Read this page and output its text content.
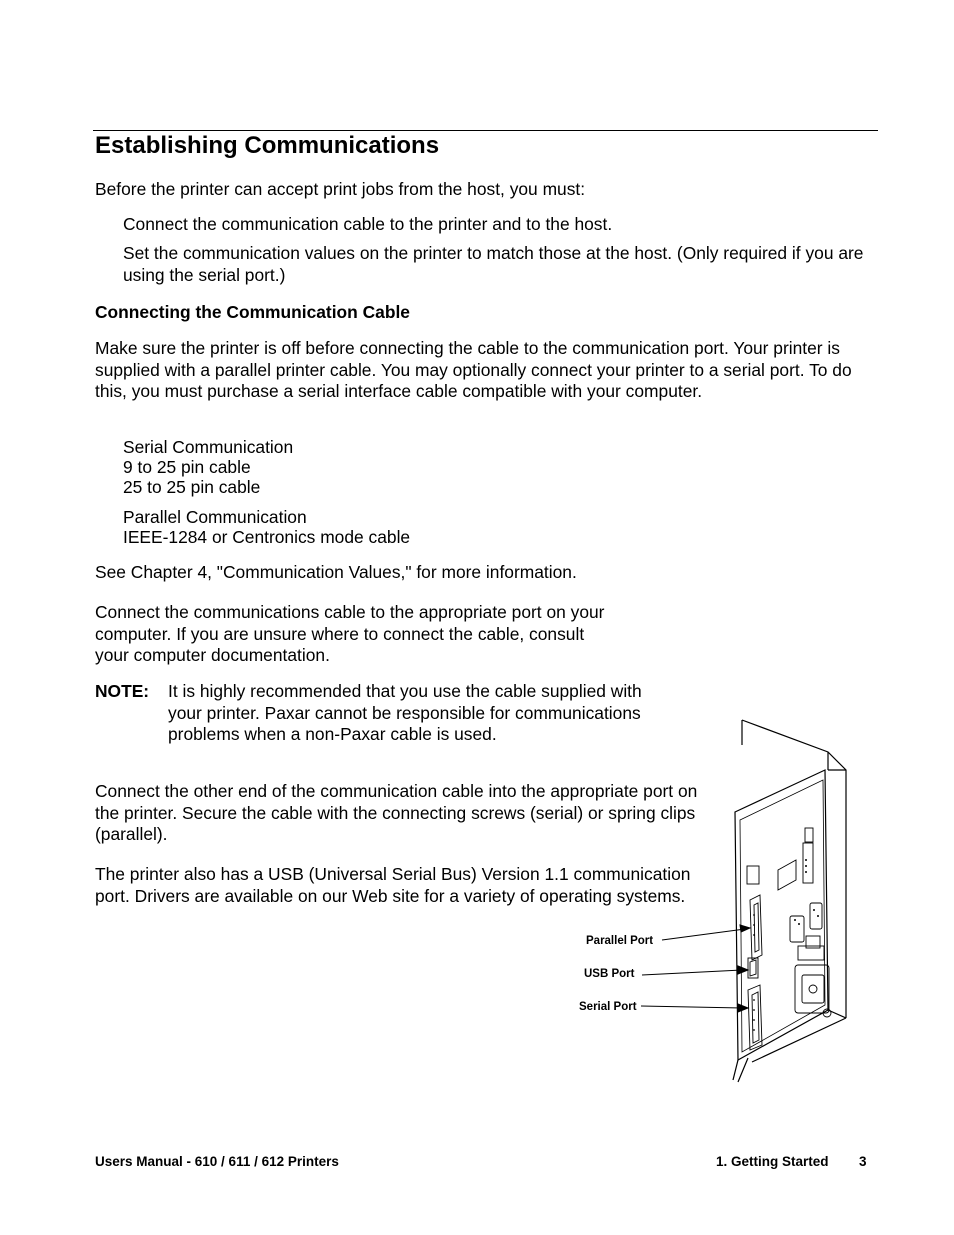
Establishing Communications

Before the printer can accept print jobs from the host, you must:

Connect the communication cable to the printer and to the host.

Set the communication values on the printer to match those at the host. (Only required if you are using the serial port.)

Connecting the Communication Cable

Make sure the printer is off before connecting the cable to the communication port. Your printer is supplied with a parallel printer cable. You may optionally connect your printer to a serial port. To do this, you must purchase a serial interface cable compatible with your computer.

Serial Communication
9 to 25 pin cable
25 to 25 pin cable
Parallel Communication
IEEE-1284 or Centronics mode cable

See Chapter 4, "Communication Values," for more information.

Connect the communications cable to the appropriate port on your computer. If you are unsure where to connect the cable, consult your computer documentation.

NOTE: It is highly recommended that you use the cable supplied with your printer. Paxar cannot be responsible for communications problems when a non-Paxar cable is used.

Connect the other end of the communication cable into the appropriate port on the printer. Secure the cable with the connecting screws (serial) or spring clips (parallel).

The printer also has a USB (Universal Serial Bus) Version 1.1 communication port. Drivers are available on our Web site for a variety of operating systems.

Parallel Port
USB Port
Serial Port
Users Manual - 610 / 611 / 612 Printers	1. Getting Started 3
